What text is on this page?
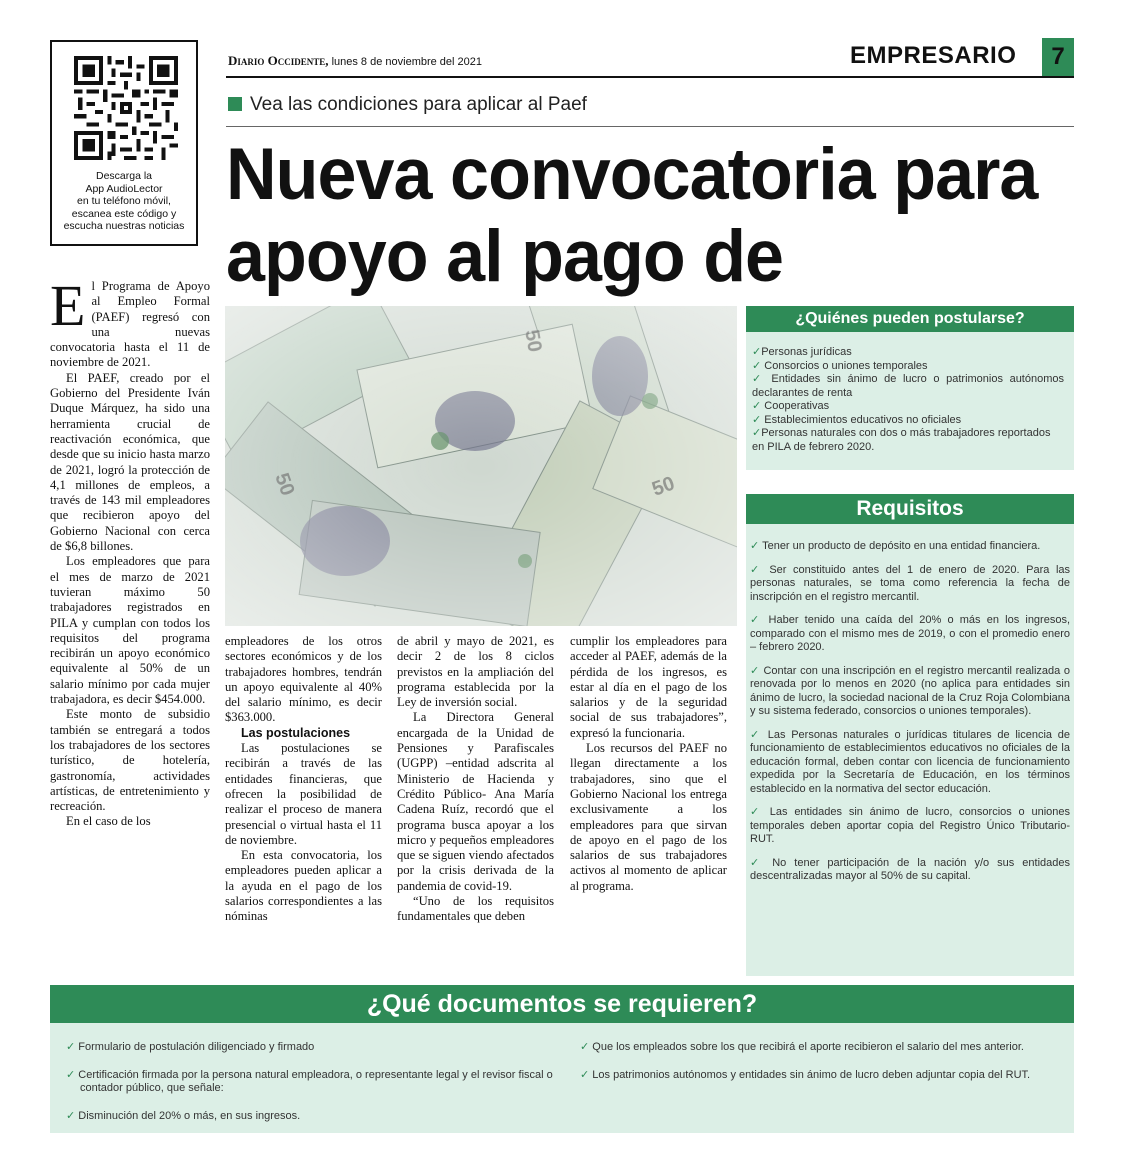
Descarga la
App AudioLector
en tu teléfono móvil,
escanea este código y
escucha nuestras noticias
Diario Occidente, lunes 8 de noviembre del 2021	EMPRESARIO	7
Vea las condiciones para aplicar al Paef
Nueva convocatoria para
apoyo al pago de
E l Programa de Apoyo al Empleo Formal (PAEF) regresó con una nuevas convocatoria hasta el 11 de noviembre de 2021.

El PAEF, creado por el Gobierno del Presidente Iván Duque Márquez, ha sido una herramienta crucial de reactivación económica, que desde que su inicio hasta marzo de 2021, logró la protección de 4,1 millones de empleos, a través de 143 mil empleadores que recibieron apoyo del Gobierno Nacional con cerca de $6,8 billones.

Los empleadores que para el mes de marzo de 2021 tuvieran máximo 50 trabajadores registrados en PILA y cumplan con todos los requisitos del programa recibirán un apoyo económico equivalente al 50% de un salario mínimo por cada mujer trabajadora, es decir $454.000.

Este monto de subsidio también se entregará a todos los trabajadores de los sectores turístico, de hotelería, gastronomía, actividades artísticas, de entretenimiento y recreación.

En el caso de los

empleadores de los otros sectores económicos y de los trabajadores hombres, tendrán un apoyo equivalente al 40% del salario mínimo, es decir $363.000.

Las postulaciones

Las postulaciones se recibirán a través de las entidades financieras, que ofrecen la posibilidad de realizar el proceso de manera presencial o virtual hasta el 11 de noviembre.

En esta convocatoria, los empleadores pueden aplicar a la ayuda en el pago de los salarios correspondientes a las nóminas

de abril y mayo de 2021, es decir 2 de los 8 ciclos previstos en la ampliación del programa establecida por la Ley de inversión social.

La Directora General encargada de la Unidad de Pensiones y Parafiscales (UGPP) –entidad adscrita al Ministerio de Hacienda y Crédito Público- Ana María Cadena Ruíz, recordó que el programa busca apoyar a los micro y pequeños empleadores que se siguen viendo afectados por la crisis derivada de la pandemia de covid-19.

“Uno de los requisitos fundamentales que deben

cumplir los empleadores para acceder al PAEF, además de la pérdida de los ingresos, es estar al día en el pago de los salarios y de la seguridad social de sus trabajadores”, expresó la funcionaria.

Los recursos del PAEF no llegan directamente a los trabajadores, sino que el Gobierno Nacional los entrega exclusivamente a los empleadores para que sirvan de apoyo en el pago de los salarios de sus trabajadores activos al momento de aplicar al programa.

¿Quiénes pueden postularse?

✓Personas jurídicas

✓ Consorcios o uniones temporales

✓ Entidades sin ánimo de lucro o patrimonios autónomos declarantes de renta

✓ Cooperativas

✓ Establecimientos educativos no oficiales

✓Personas naturales con dos o más trabajadores reportados en PILA de febrero 2020.

Requisitos

✓ Tener un producto de depósito en una entidad financiera.

✓ Ser constituido antes del 1 de enero de 2020. Para las personas naturales, se toma como referencia la fecha de inscripción en el registro mercantil.

✓ Haber tenido una caída del 20% o más en los ingresos, comparado con el mismo mes de 2019, o con el promedio enero – febrero 2020.

✓ Contar con una inscripción en el registro mercantil realizada o renovada por lo menos en 2020 (no aplica para entidades sin ánimo de lucro, la sociedad nacional de la Cruz Roja Colombiana y su sistema federado, consorcios o uniones temporales).

✓ Las Personas naturales o jurídicas titulares de licencia de funcionamiento de establecimientos educativos no oficiales de la educación formal, deben contar con licencia de funcionamiento expedida por la Secretaría de Educación, en los términos establecido en la normativa del sector educación.

✓ Las entidades sin ánimo de lucro, consorcios o uniones temporales deben aportar copia del Registro Único Tributario- RUT.

✓ No tener participación de la nación y/o sus entidades descentralizadas mayor al 50% de su capital.

¿Qué documentos se requieren?

✓ Formulario de postulación diligenciado y firmado

✓ Certificación firmada por la persona natural empleadora, o representante legal y el revisor fiscal o contador público, que señale:

✓ Disminución del 20% o más, en sus ingresos.

✓ Que los empleados sobre los que recibirá el aporte recibieron el salario del mes anterior.

✓ Los patrimonios autónomos y entidades sin ánimo de lucro deben adjuntar copia del RUT.
